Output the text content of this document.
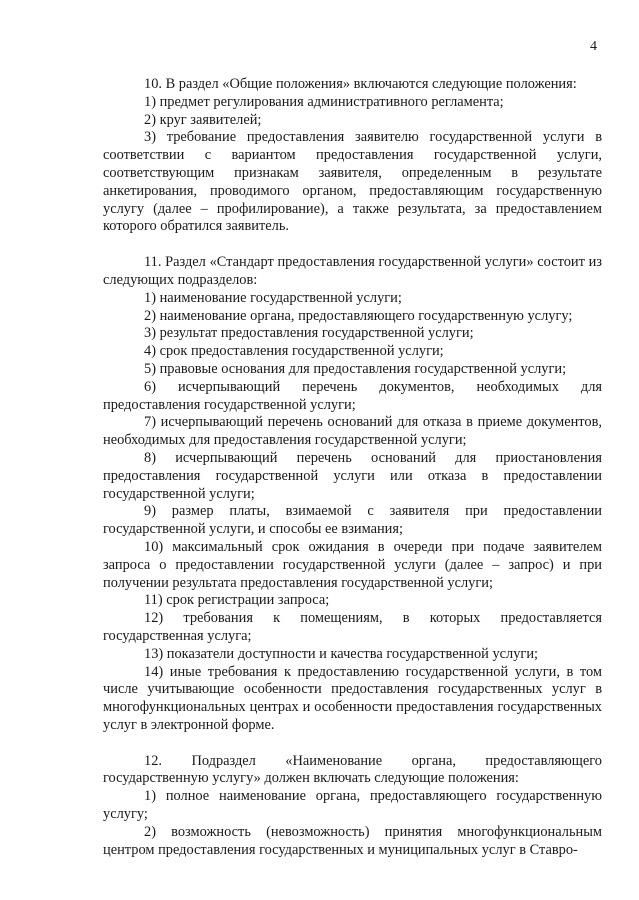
4

10. В раздел «Общие положения» включаются следующие положения:

1) предмет регулирования административного регламента;

2) круг заявителей;

3) требование предоставления заявителю государственной услуги в соответствии с вариантом предоставления государственной услуги, соответствующим признакам заявителя, определенным в результате анкетирования, проводимого органом, предоставляющим государственную услугу (далее – профилирование), а также результата, за предоставлением которого обратился заявитель.

11. Раздел «Стандарт предоставления государственной услуги» состоит из следующих подразделов:

1) наименование государственной услуги;

2) наименование органа, предоставляющего государственную услугу;

3) результат предоставления государственной услуги;

4) срок предоставления государственной услуги;

5) правовые основания для предоставления государственной услуги;

6) исчерпывающий перечень документов, необходимых для предоставления государственной услуги;

7) исчерпывающий перечень оснований для отказа в приеме документов, необходимых для предоставления государственной услуги;

8) исчерпывающий перечень оснований для приостановления предоставления государственной услуги или отказа в предоставлении государственной услуги;

9) размер платы, взимаемой с заявителя при предоставлении государственной услуги, и способы ее взимания;

10) максимальный срок ожидания в очереди при подаче заявителем запроса о предоставлении государственной услуги (далее – запрос) и при получении результата предоставления государственной услуги;

11) срок регистрации запроса;

12) требования к помещениям, в которых предоставляется государственная услуга;

13) показатели доступности и качества государственной услуги;

14) иные требования к предоставлению государственной услуги, в том числе учитывающие особенности предоставления государственных услуг в многофункциональных центрах и особенности предоставления государственных услуг в электронной форме.

12. Подраздел «Наименование органа, предоставляющего государственную услугу» должен включать следующие положения:

1) полное наименование органа, предоставляющего государственную услугу;

2) возможность (невозможность) принятия многофункциональным центром предоставления государственных и муниципальных услуг в Ставро-
